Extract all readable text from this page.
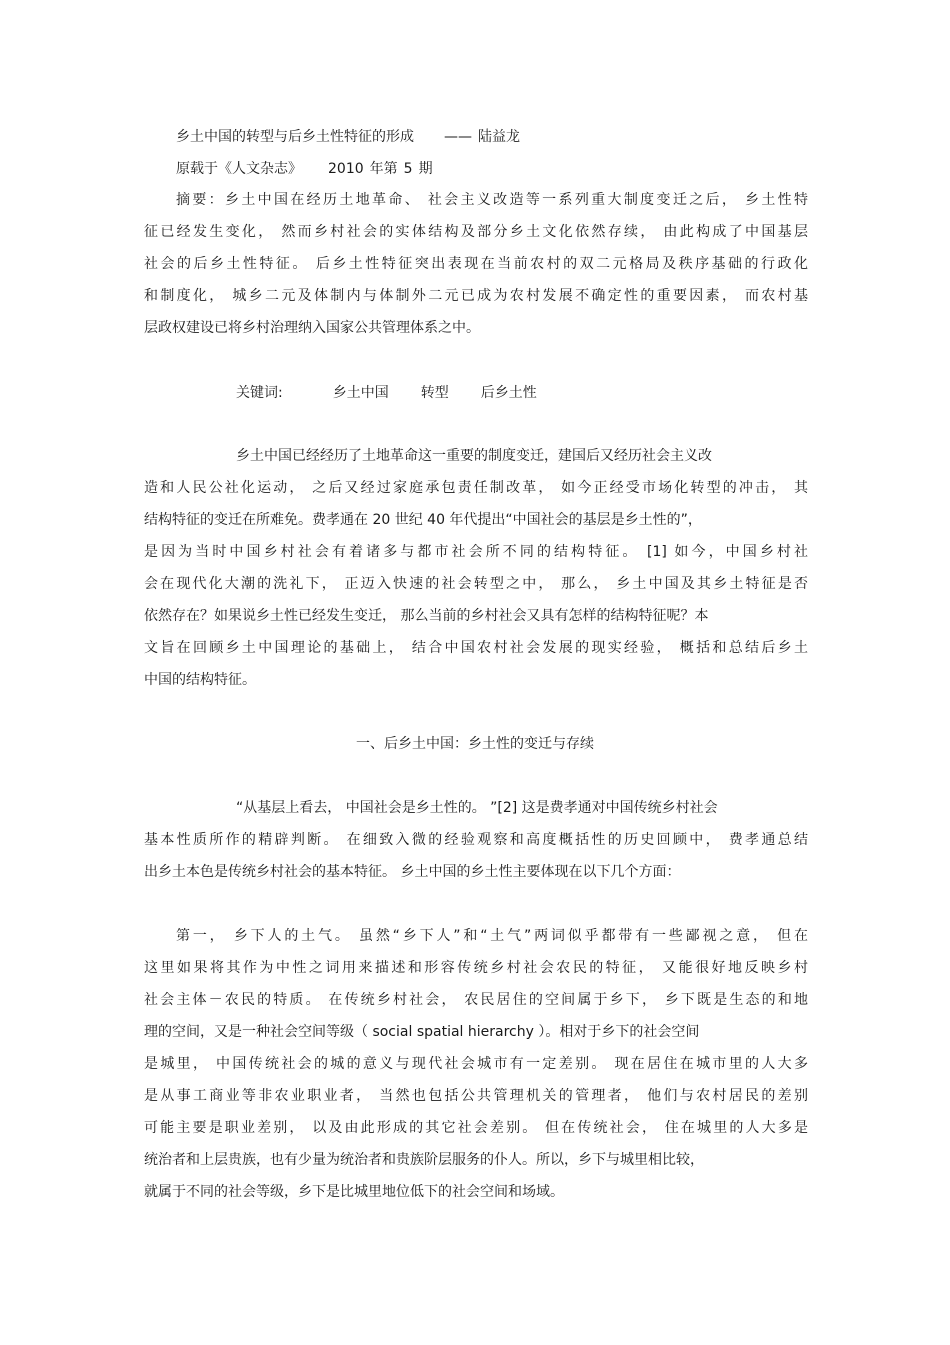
乡土中国的转型与后乡土性特征的形成 —— 陆益龙
原载于《人文杂志》 2010 年第 5 期
摘要：乡土中国在经历土地革命、 社会主义改造等一系列重大制度变迁之后， 乡土性特
征已经发生变化， 然而乡村社会的实体结构及部分乡土文化依然存续， 由此构成了中国基层
社会的后乡土性特征。 后乡土性特征突出表现在当前农村的双二元格局及秩序基础的行政化
和制度化， 城乡二元及体制内与体制外二元已成为农村发展不确定性的重要因素， 而农村基
层政权建设已将乡村治理纳入国家公共管理体系之中。
关键词:	乡土中国 转型 后乡土性
乡土中国已经经历了土地革命这一重要的制度变迁，建国后又经历社会主义改
造和人民公社化运动， 之后又经过家庭承包责任制改革， 如今正经受市场化转型的冲击， 其
结构特征的变迁在所难免。费孝通在 20 世纪 40 年代提出“中国社会的基层是乡土性的”，
是因为当时中国乡村社会有着诸多与都市社会所不同的结构特征。 [1] 如今，中国乡村社
会在现代化大潮的洗礼下， 正迈入快速的社会转型之中， 那么， 乡土中国及其乡土特征是否
依然存在？如果说乡土性已经发生变迁， 那么当前的乡村社会又具有怎样的结构特征呢？本
文旨在回顾乡土中国理论的基础上， 结合中国农村社会发展的现实经验， 概括和总结后乡土
中国的结构特征。
一、后乡土中国：乡土性的变迁与存续
“从基层上看去， 中国社会是乡土性的。 ”[2] 这是费孝通对中国传统乡村社会
基本性质所作的精辟判断。 在细致入微的经验观察和高度概括性的历史回顾中， 费孝通总结
出乡土本色是传统乡村社会的基本特征。 乡土中国的乡土性主要体现在以下几个方面：
第一， 乡下人的土气。 虽然“乡下人”和“土气”两词似乎都带有一些鄙视之意， 但在
这里如果将其作为中性之词用来描述和形容传统乡村社会农民的特征， 又能很好地反映乡村
社会主体－农民的特质。 在传统乡村社会， 农民居住的空间属于乡下， 乡下既是生态的和地
理的空间，又是一种社会空间等级（ social spatial hierarchy ）。相对于乡下的社会空间
是城里， 中国传统社会的城的意义与现代社会城市有一定差别。 现在居住在城市里的人大多
是从事工商业等非农业职业者， 当然也包括公共管理机关的管理者， 他们与农村居民的差别
可能主要是职业差别， 以及由此形成的其它社会差别。 但在传统社会， 住在城里的人大多是
统治者和上层贵族，也有少量为统治者和贵族阶层服务的仆人。所以，乡下与城里相比较，
就属于不同的社会等级，乡下是比城里地位低下的社会空间和场域。
